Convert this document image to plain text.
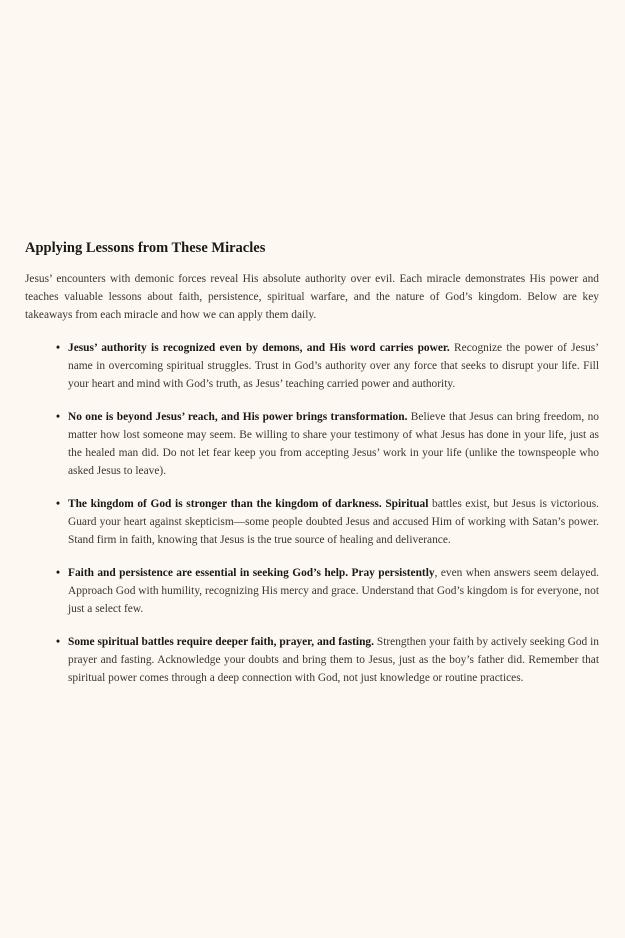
Applying Lessons from These Miracles

Jesus’ encounters with demonic forces reveal His absolute authority over evil. Each miracle demonstrates His power and teaches valuable lessons about faith, persistence, spiritual warfare, and the nature of God’s kingdom. Below are key takeaways from each miracle and how we can apply them daily.

• Jesus’ authority is recognized even by demons, and His word carries power. Recognize the power of Jesus’ name in overcoming spiritual struggles. Trust in God’s authority over any force that seeks to disrupt your life. Fill your heart and mind with God’s truth, as Jesus’ teaching carried power and authority.
• No one is beyond Jesus’ reach, and His power brings transformation. Believe that Jesus can bring freedom, no matter how lost someone may seem. Be willing to share your testimony of what Jesus has done in your life, just as the healed man did. Do not let fear keep you from accepting Jesus’ work in your life (unlike the townspeople who asked Jesus to leave).
• The kingdom of God is stronger than the kingdom of darkness. Spiritual battles exist, but Jesus is victorious. Guard your heart against skepticism—some people doubted Jesus and accused Him of working with Satan’s power. Stand firm in faith, knowing that Jesus is the true source of healing and deliverance.
• Faith and persistence are essential in seeking God’s help. Pray persistently, even when answers seem delayed. Approach God with humility, recognizing His mercy and grace. Understand that God’s kingdom is for everyone, not just a select few.
• Some spiritual battles require deeper faith, prayer, and fasting. Strengthen your faith by actively seeking God in prayer and fasting. Acknowledge your doubts and bring them to Jesus, just as the boy’s father did. Remember that spiritual power comes through a deep connection with God, not just knowledge or routine practices.
